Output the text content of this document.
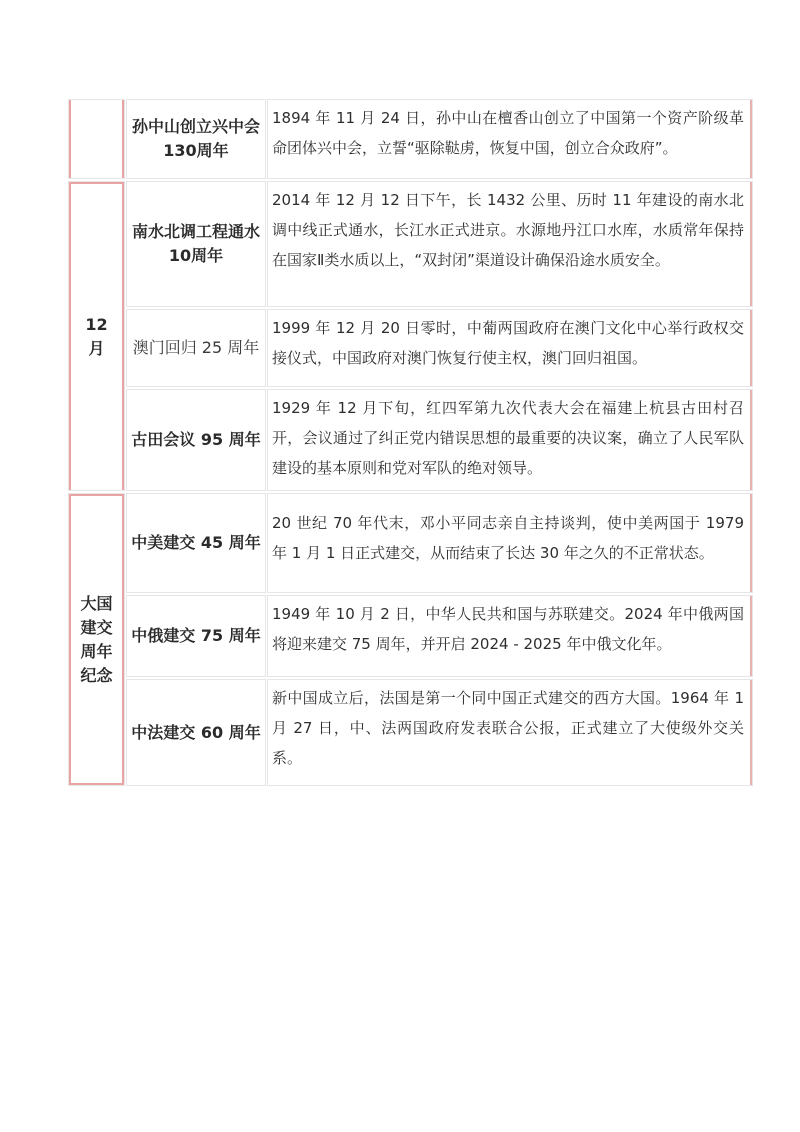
孙中山创立兴中会
130周年
1894 年 11 月 24 日，孙中山在檀香山创立了中国第一个资产阶级革命团体兴中会，立誓“驱除鞑虏，恢复中国，创立合众政府”。
12 月
南水北调工程通水
10周年
2014 年 12 月 12 日下午，长 1432 公里、历时 11 年建设的南水北调中线正式通水，长江水正式进京。水源地丹江口水库，水质常年保持在国家Ⅱ类水质以上，“双封闭”渠道设计确保沿途水质安全。
澳门回归 25 周年
1999 年 12 月 20 日零时，中葡两国政府在澳门文化中心举行政权交接仪式，中国政府对澳门恢复行使主权，澳门回归祖国。
古田会议 95 周年
1929 年 12 月下旬，红四军第九次代表大会在福建上杭县古田村召开，会议通过了纠正党内错误思想的最重要的决议案，确立了人民军队建设的基本原则和党对军队的绝对领导。
大国建交周年纪念
中美建交 45 周年
20 世纪 70 年代末，邓小平同志亲自主持谈判，使中美两国于 1979 年 1 月 1 日正式建交，从而结束了长达 30 年之久的不正常状态。
中俄建交 75 周年
1949 年 10 月 2 日，中华人民共和国与苏联建交。2024 年中俄两国将迎来建交 75 周年，并开启 2024 - 2025 年中俄文化年。
中法建交 60 周年
新中国成立后，法国是第一个同中国正式建交的西方大国。1964 年 1 月 27 日，中、法两国政府发表联合公报，正式建立了大使级外交关系。
